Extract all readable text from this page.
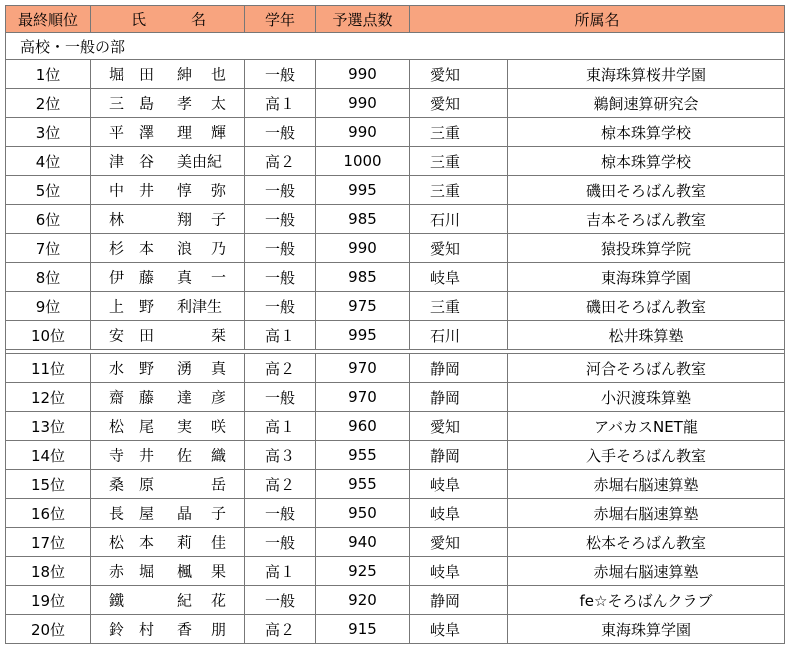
高校・一般の部					
最終順位	氏 名	学年	予選点数	所属名	
1位	堀 田 紳 也	一般	990	愛知	東海珠算桜井学園
2位	三 島 孝 太	高１	990	愛知	鵜飼速算研究会
3位	平 澤 理 輝	一般	990	三重	椋本珠算学校
4位	津 谷 美由紀	高２	1000	三重	椋本珠算学校
5位	中 井 惇 弥	一般	995	三重	磯田そろばん教室
6位	林 翔 子	一般	985	石川	吉本そろばん教室
7位	杉 本 浪 乃	一般	990	愛知	猿投珠算学院
8位	伊 藤 真 一	一般	985	岐阜	東海珠算学園
9位	上 野 利津生	一般	975	三重	磯田そろばん教室
10位	安 田 栞	高１	995	石川	松井珠算塾

11位	水 野 湧 真	高２	970	静岡	河合そろばん教室
12位	齋 藤 達 彦	一般	970	静岡	小沢渡珠算塾
13位	松 尾 実 咲	高１	960	愛知	アバカスNET龍
14位	寺 井 佐 織	高３	955	静岡	入手そろばん教室
15位	桑 原 岳	高２	955	岐阜	赤堀右脳速算塾
16位	長 屋 晶 子	一般	950	岐阜	赤堀右脳速算塾
17位	松 本 莉 佳	一般	940	愛知	松本そろばん教室
18位	赤 堀 楓 果	高１	925	岐阜	赤堀右脳速算塾
19位	鐵 紀 花	一般	920	静岡	fe☆そろばんクラブ
20位	鈴 村 香 朋	高２	915	岐阜	東海珠算学園
